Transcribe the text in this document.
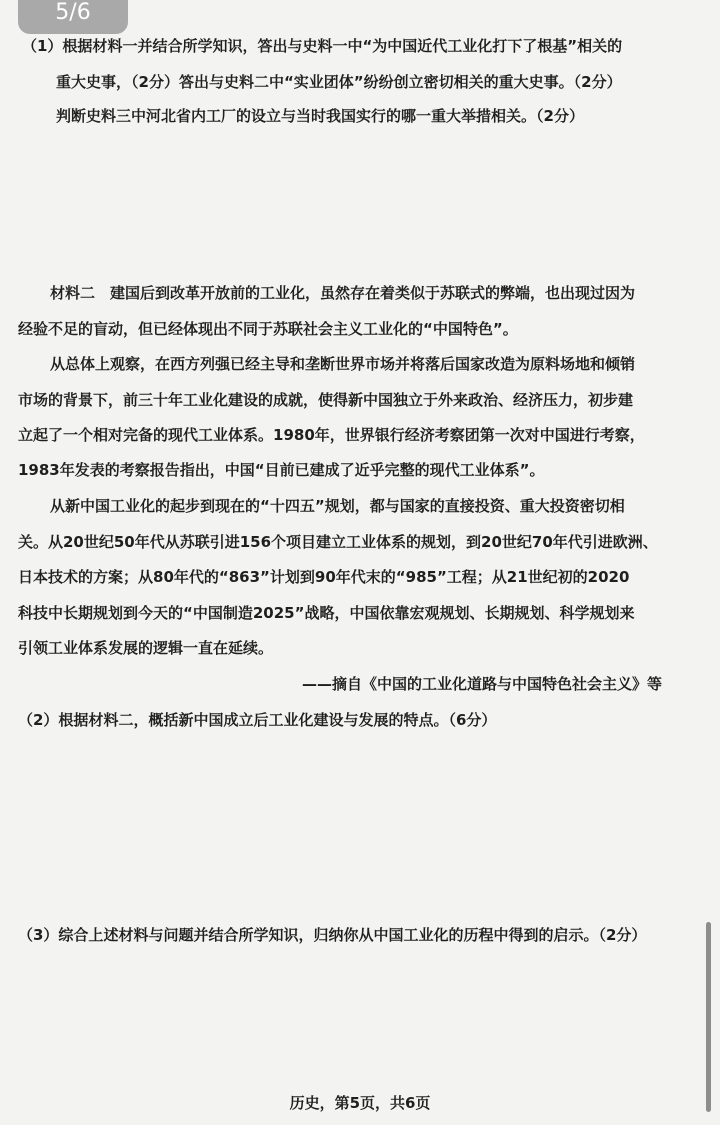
5/6

（1）根据材料一并结合所学知识，答出与史料一中“为中国近代工业化打下了根基”相关的

重大史事，（2分）答出与史料二中“实业团体”纷纷创立密切相关的重大史事。（2分）

判断史料三中河北省内工厂的设立与当时我国实行的哪一重大举措相关。（2分）

材料二　建国后到改革开放前的工业化，虽然存在着类似于苏联式的弊端，也出现过因为

经验不足的盲动，但已经体现出不同于苏联社会主义工业化的“中国特色”。

从总体上观察，在西方列强已经主导和垄断世界市场并将落后国家改造为原料场地和倾销

市场的背景下，前三十年工业化建设的成就，使得新中国独立于外来政治、经济压力，初步建

立起了一个相对完备的现代工业体系。1980年，世界银行经济考察团第一次对中国进行考察，

1983年发表的考察报告指出，中国“目前已建成了近乎完整的现代工业体系”。

从新中国工业化的起步到现在的“十四五”规划，都与国家的直接投资、重大投资密切相

关。从20世纪50年代从苏联引进156个项目建立工业体系的规划，到20世纪70年代引进欧洲、

日本技术的方案；从80年代的“863”计划到90年代末的“985”工程；从21世纪初的2020

科技中长期规划到今天的“中国制造2025”战略，中国依靠宏观规划、长期规划、科学规划来

引领工业体系发展的逻辑一直在延续。

——摘自《中国的工业化道路与中国特色社会主义》等

（2）根据材料二，概括新中国成立后工业化建设与发展的特点。（6分）

（3）综合上述材料与问题并结合所学知识，归纳你从中国工业化的历程中得到的启示。（2分）

历史，第5页，共6页
